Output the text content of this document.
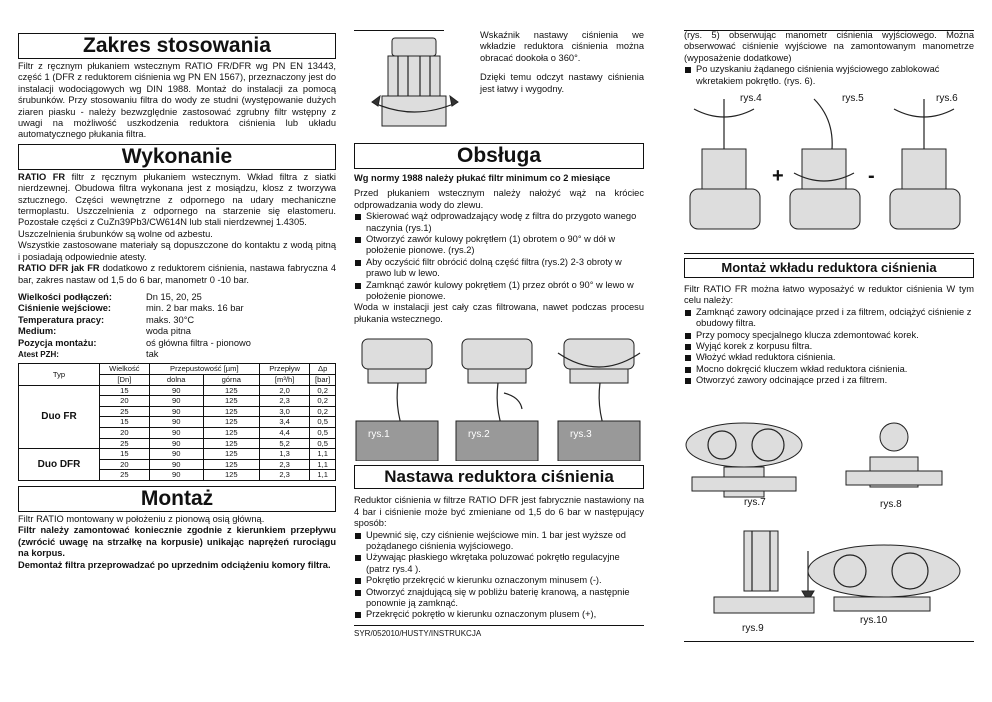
Zakres stosowania

Filtr z ręcznym płukaniem wstecznym RATIO FR/DFR wg PN EN 13443, część 1 (DFR z reduktorem ciśnienia wg PN EN 1567), przeznaczony jest do instalacji wodociągowych wg DIN 1988. Montaż do instalacji za pomocą śrubunków. Przy stosowaniu filtra do wody ze studni (występowanie dużych ziaren piasku - należy bezwzględnie zastosować zgrubny filtr wstępny z uwagi na możliwość uszkodzenia reduktora ciśnienia lub układu automatycznego płukania filtra.

Wykonanie

RATIO FR filtr z ręcznym płukaniem wstecznym. Wkład filtra z siatki nierdzewnej. Obudowa filtra wykonana jest z mosiądzu, klosz z tworzywa sztucznego. Części wewnętrzne z odpornego na udary mechaniczne termoplastu. Uszczelnienia z odpornego na starzenie się elastomeru. Pozostałe części z CuZn39Pb3/CW614N lub stali nierdzewnej 1.4305.

Uszczelnienia śrubunków są wolne od azbestu.

Wszystkie zastosowane materiały są dopuszczone do kontaktu z wodą pitną i posiadają odpowiednie atesty.

RATIO DFR jak FR dodatkowo z reduktorem ciśnienia, nastawa fabryczna 4 bar, zakres nastaw od 1,5 do 6 bar, manometr 0 -10 bar.

Wielkości podłączeń:	Dn 15, 20, 25
Ciśnienie wejściowe:	min. 2 bar maks. 16 bar
Temperatura pracy:	maks. 30°C
Medium:	woda pitna
Pozycja montażu:	oś główna filtra - pionowo
Atest PZH:	tak
Typ	Wielkość	Przepustowość [µm]		Przepływ	Δp
	[Dn]	dolna	górna	[m³/h]	[bar]
Duo FR	15	90	125	2,0	0,2
	20	90	125	2,3	0,2
	25	90	125	3,0	0,2
	15	90	125	3,4	0,5
	20	90	125	4,4	0,5
	25	90	125	5,2	0,5
Duo DFR	15	90	125	1,3	1,1
	20	90	125	2,3	1,1
	25	90	125	2,3	1,1
Montaż

Filtr RATIO montowany w położeniu z pionową osią główną.

Filtr należy zamontować koniecznie zgodnie z kierunkiem przepływu (zwrócić uwagę na strzałkę na korpusie) unikając naprężeń rurociągu na korpus.

Demontaż filtra przeprowadzać po uprzednim odciążeniu komory filtra.

Wskaźnik nastawy ciśnienia we wkładzie reduktora ciśnienia można obracać dookoła o 360°.

Dzięki temu odczyt nastawy ciśnienia jest łatwy i wygodny.

Obsługa

Wg normy 1988 należy płukać filtr minimum co 2 miesiące

Przed płukaniem wstecznym należy nałożyć wąż na króciec odprowadzania wody do zlewu.

Skierować wąż odprowadzający wodę z filtra do przygoto wanego naczynia (rys.1)
Otworzyć zawór kulowy pokrętłem (1) obrotem o 90° w dół w położenie pionowe. (rys.2)
Aby oczyścić filtr obrócić dolną część filtra (rys.2) 2-3 obroty w prawo lub w lewo.
Zamknąć zawór kulowy pokrętłem (1) przez obrót o 90° w lewo w położenie pionowe.

Woda w instalacji jest cały czas filtrowana, nawet podczas procesu płukania wstecznego.

rys.1	rys.2	rys.3
Nastawa reduktora ciśnienia

Reduktor ciśnienia w filtrze RATIO DFR jest fabrycznie nastawiony na 4 bar i ciśnienie może być zmieniane od 1,5 do 6 bar w następujący sposób:

Upewnić się, czy ciśnienie wejściowe min. 1 bar jest wyższe od pożądanego ciśnienia wyjściowego.
Używając płaskiego wkrętaka poluzować pokrętło regulacyjne (patrz rys.4 ).
Pokrętło przekręcić w kierunku oznaczonym minusem (-).
Otworzyć znajdującą się w pobliżu baterię kranową, a następnie ponownie ją zamknąć.
Przekręcić pokrętło w kierunku oznaczonym plusem (+),
SYR/052010/HUSTY/INSTRUKCJA

(rys. 5) obserwując manometr ciśnienia wyjściowego. Można obserwować ciśnienie wyjściowe na zamontowanym manometrze (wyposażenie dodatkowe)

Po uzyskaniu żądanego ciśnienia wyjściowego zablokować wkretakiem pokrętło. (rys. 6).
rys.4	rys.5	rys.6
+	-
Montaż wkładu reduktora ciśnienia

Filtr RATIO FR można łatwo wyposażyć w reduktor ciśnienia W tym celu należy:

Zamknąć zawory odcinające przed i za filtrem, odciążyć ciśnienie z obudowy filtra.
Przy pomocy specjalnego klucza zdemontować korek.
Wyjąć korek z korpusu filtra.
Włożyć wkład reduktora ciśnienia.
Mocno dokręcić kluczem wkład reduktora ciśnienia.
Otworzyć zawory odcinające przed i za filtrem.
rys.7	rys.8
rys.9
rys.10
